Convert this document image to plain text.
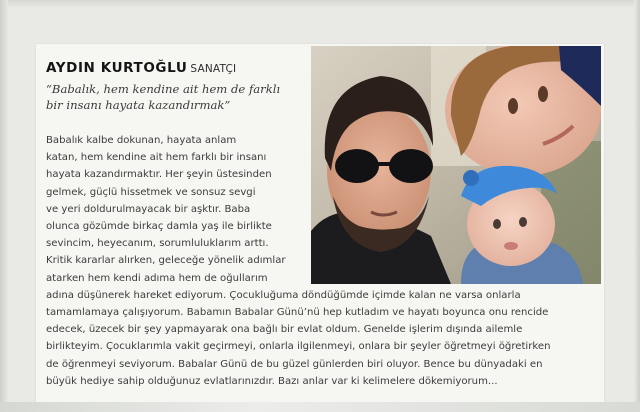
AYDIN KURTOĞLU SANATÇI
“Babalık, hem kendine ait hem de farklı
bir insanı hayata kazandırmak”
Babalık kalbe dokunan, hayata anlam
katan, hem kendine ait hem farklı bir insanı
hayata kazandırmaktır. Her şeyin üstesinden
gelmek, güçlü hissetmek ve sonsuz sevgi
ve yeri doldurulmayacak bir aşktır. Baba
olunca gözümde birkaç damla yaş ile birlikte
sevincim, heyecanım, sorumluluklarım arttı.
Kritik kararlar alırken, geleceğe yönelik adımlar
atarken hem kendi adıma hem de oğullarım
adına düşünerek hareket ediyorum. Çocukluğuma döndüğümde içimde kalan ne varsa onlarla
tamamlamaya çalışıyorum. Babamın Babalar Günü’nü hep kutladım ve hayatı boyunca onu rencide
edecek, üzecek bir şey yapmayarak ona bağlı bir evlat oldum. Genelde işlerim dışında ailemle
birlikteyim. Çocuklarımla vakit geçirmeyi, onlarla ilgilenmeyi, onlara bir şeyler öğretmeyi öğretirken
de öğrenmeyi seviyorum. Babalar Günü de bu güzel günlerden biri oluyor. Bence bu dünyadaki en
büyük hediye sahip olduğunuz evlatlarınızdır. Bazı anlar var ki kelimelere dökemiyorum...
